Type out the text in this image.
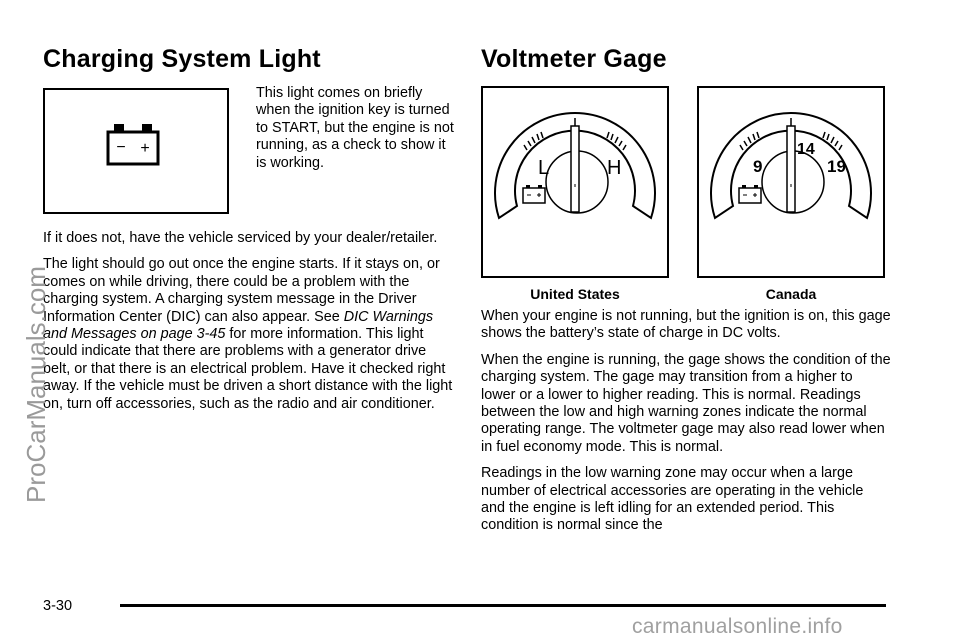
Charging System Light
− +
This light comes on briefly when the ignition key is turned to START, but the engine is not running, as a check to show it is working.

If it does not, have the vehicle serviced by your dealer/retailer.

The light should go out once the engine starts. If it stays on, or comes on while driving, there could be a problem with the charging system. A charging system message in the Driver Information Center (DIC) can also appear. See DIC Warnings and Messages on page 3-45 for more information. This light could indicate that there are problems with a generator drive belt, or that there is an electrical problem. Have it checked right away. If the vehicle must be driven a short distance with the light on, turn off accessories, such as the radio and air conditioner.

Voltmeter Gage
L	H
United States
9
14
19
Canada

When your engine is not running, but the ignition is on, this gage shows the battery’s state of charge in DC volts.

When the engine is running, the gage shows the condition of the charging system. The gage may transition from a higher to lower or a lower to higher reading. This is normal. Readings between the low and high warning zones indicate the normal operating range. The voltmeter gage may also read lower when in fuel economy mode. This is normal.

Readings in the low warning zone may occur when a large number of electrical accessories are operating in the vehicle and the engine is left idling for an extended period. This condition is normal since the

3-30
ProCarManuals.com
carmanualsonline.info
